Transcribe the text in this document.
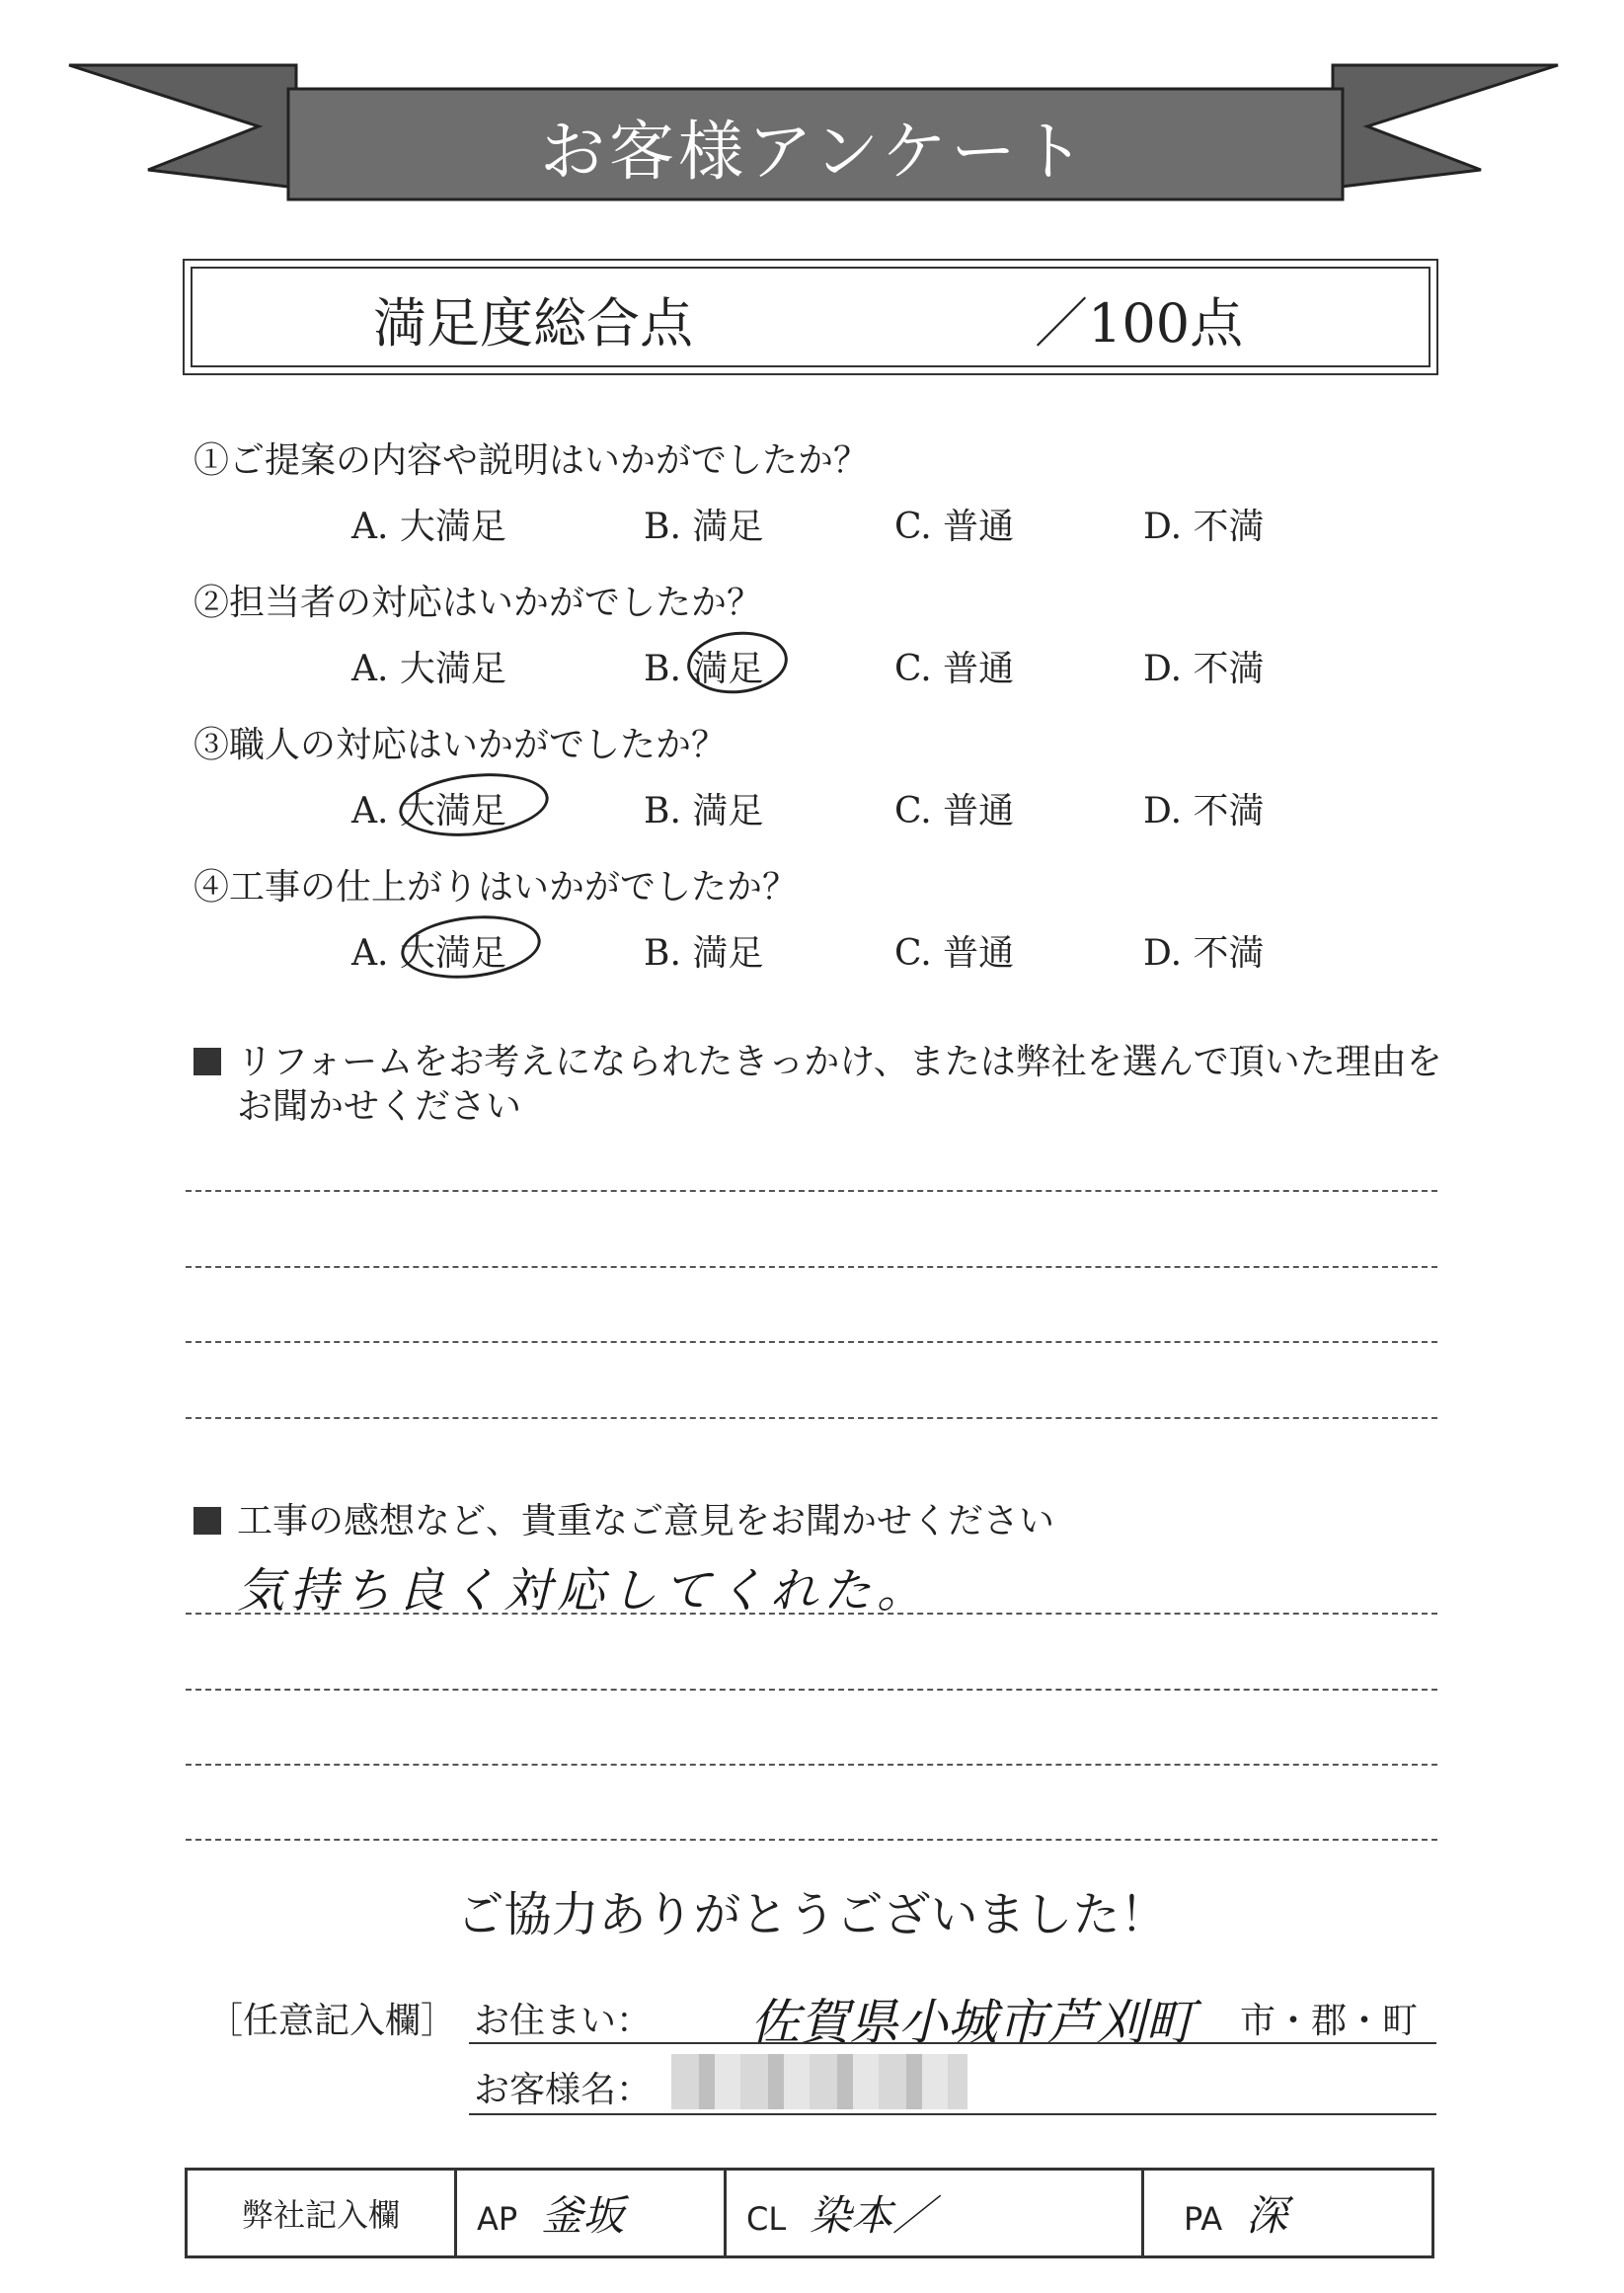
お客様アンケート
満足度総合点	／100点
①ご提案の内容や説明はいかがでしたか？
A. 大満足	B. 満足	C. 普通	D. 不満
②担当者の対応はいかがでしたか？
A. 大満足	B. 満足	C. 普通	D. 不満
③職人の対応はいかがでしたか？
A. 大満足	B. 満足	C. 普通	D. 不満
④工事の仕上がりはいかがでしたか？
A. 大満足	B. 満足	C. 普通	D. 不満
リフォームをお考えになられたきっかけ、または弊社を選んで頂いた理由を
お聞かせください
工事の感想など、貴重なご意見をお聞かせください
気持ち良く対応してくれた。
ご協力ありがとうございました！
［任意記入欄］ お住まい： 佐賀県小城市芦刈町 市・郡・町
お客様名：
弊社記入欄	AP 釜坂	CL 染本／	PA 深
